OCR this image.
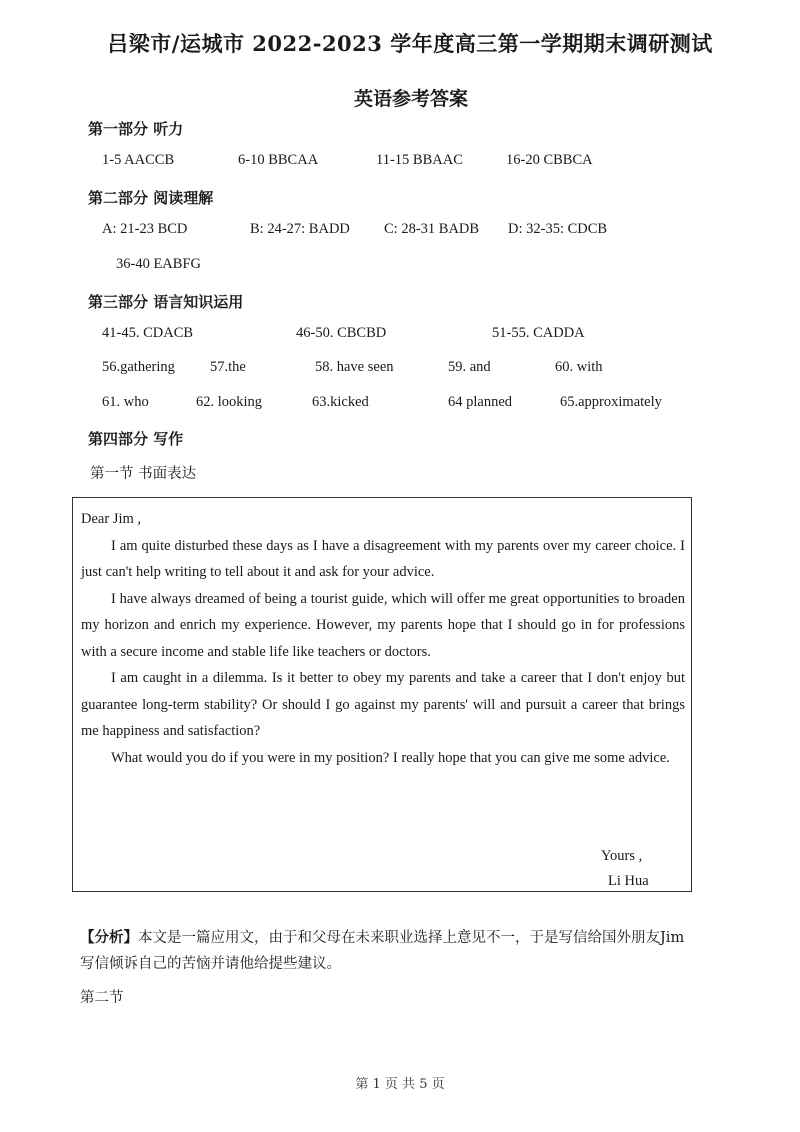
吕梁市/运城市 2022-2023 学年度高三第一学期期末调研测试
英语参考答案
第一部分 听力
1-5 AACCB	6-10 BBCAA	11-15 BBAAC	16-20 CBBCA
第二部分 阅读理解
A: 21-23 BCD	B: 24-27: BADD C: 28-31 BADB D: 32-35: CDCB
36-40 EABFG
第三部分 语言知识运用
41-45. CDACB	46-50. CBCBD	51-55. CADDA
56.gathering 57.the	58. have seen	59. and	60. with
61. who	62. looking	63.kicked	64 planned	65.approximately
第四部分 写作
第一节 书面表达
Dear Jim ,

I am quite disturbed these days as I have a disagreement with my parents over my career choice. I just can't help writing to tell about it and ask for your advice.

I have always dreamed of being a tourist guide, which will offer me great opportunities to broaden my horizon and enrich my experience. However, my parents hope that I should go in for professions with a secure income and stable life like teachers or doctors.

I am caught in a dilemma. Is it better to obey my parents and take a career that I don't enjoy but guarantee long-term stability? Or should I go against my parents' will and pursuit a career that brings me happiness and satisfaction?

What would you do if you were in my position? I really hope that you can give me some advice.

Yours ,
Li Hua
【分析】本文是一篇应用文，由于和父母在未来职业选择上意见不一，于是写信给国外朋友Jim写信倾诉自己的苦恼并请他给提些建议。
第二节
第 1 页 共 5 页
